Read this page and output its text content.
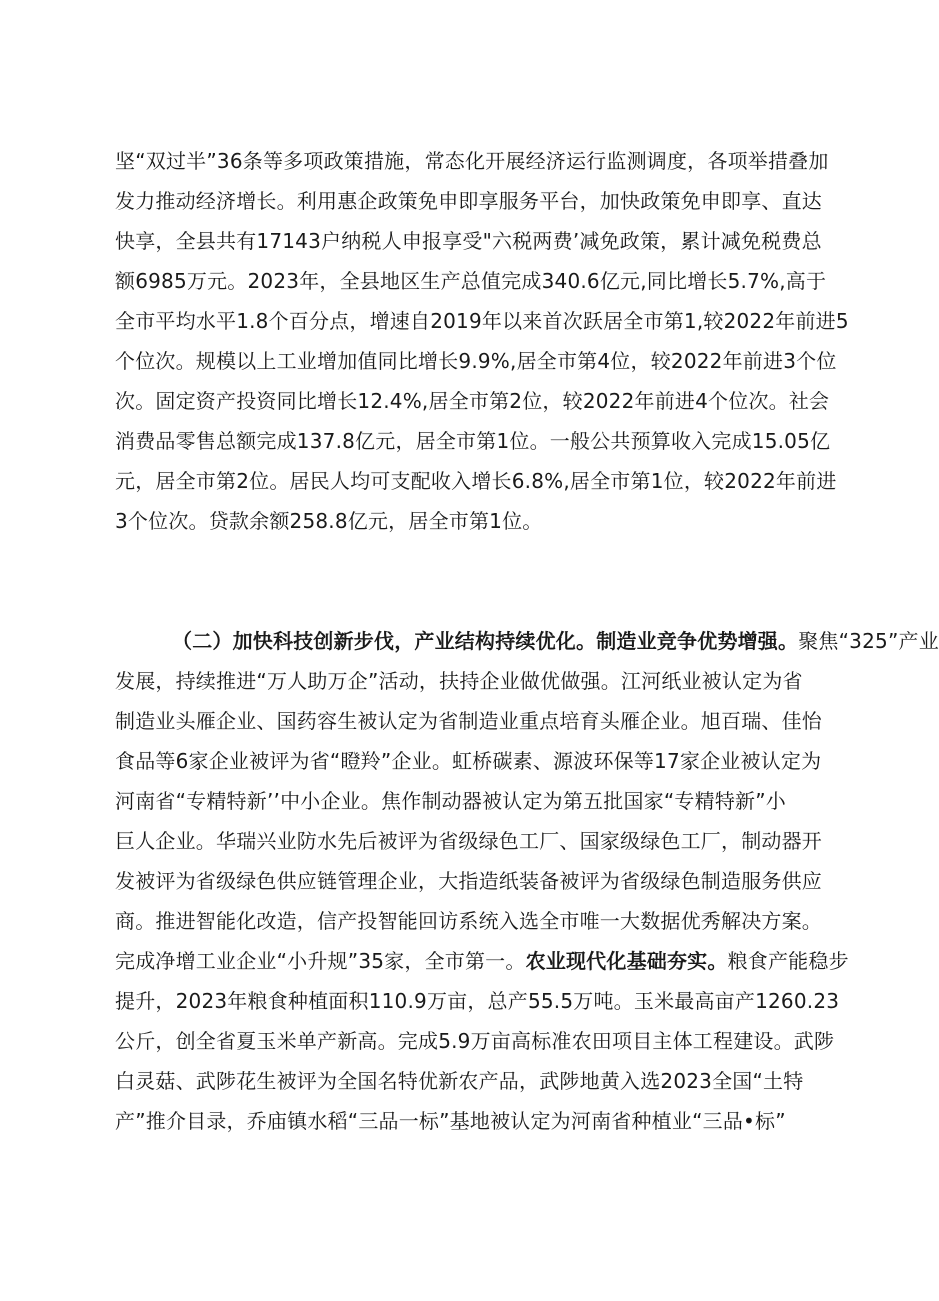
坚“双过半”36条等多项政策措施，常态化开展经济运行监测调度，各项举措叠加
发力推动经济增长。利用惠企政策免申即享服务平台，加快政策免申即享、直达
快享，全县共有17143户纳税人申报享受"六税两费’减免政策，累计减免税费总
额6985万元。2023年，全县地区生产总值完成340.6亿元,同比增长5.7%,高于
全市平均水平1.8个百分点，增速自2019年以来首次跃居全市第1,较2022年前进5
个位次。规模以上工业增加值同比增长9.9%,居全市第4位，较2022年前进3个位
次。固定资产投资同比增长12.4%,居全市第2位，较2022年前进4个位次。社会
消费品零售总额完成137.8亿元，居全市第1位。一般公共预算收入完成15.05亿
元，居全市第2位。居民人均可支配收入增长6.8%,居全市第1位，较2022年前进
3个位次。贷款余额258.8亿元，居全市第1位。
（二）加快科技创新步伐，产业结构持续优化。制造业竞争优势增强。聚焦“325”产业
发展，持续推进“万人助万企”活动，扶持企业做优做强。江河纸业被认定为省
制造业头雁企业、国药容生被认定为省制造业重点培育头雁企业。旭百瑞、佳怡
食品等6家企业被评为省“瞪羚”企业。虹桥碳素、源波环保等17家企业被认定为
河南省“专精特新’’中小企业。焦作制动器被认定为第五批国家“专精特新”小
巨人企业。华瑞兴业防水先后被评为省级绿色工厂、国家级绿色工厂，制动器开
发被评为省级绿色供应链管理企业，大指造纸装备被评为省级绿色制造服务供应
商。推进智能化改造，信产投智能回访系统入选全市唯一大数据优秀解决方案。
完成净增工业企业“小升规”35家，全市第一。农业现代化基础夯实。粮食产能稳步
提升，2023年粮食种植面积110.9万亩，总产55.5万吨。玉米最高亩产1260.23
公斤，创全省夏玉米单产新高。完成5.9万亩高标准农田项目主体工程建设。武陟
白灵菇、武陟花生被评为全国名特优新农产品，武陟地黄入选2023全国“土特
产”推介目录，乔庙镇水稻“三品一标”基地被认定为河南省种植业“三品•标”
